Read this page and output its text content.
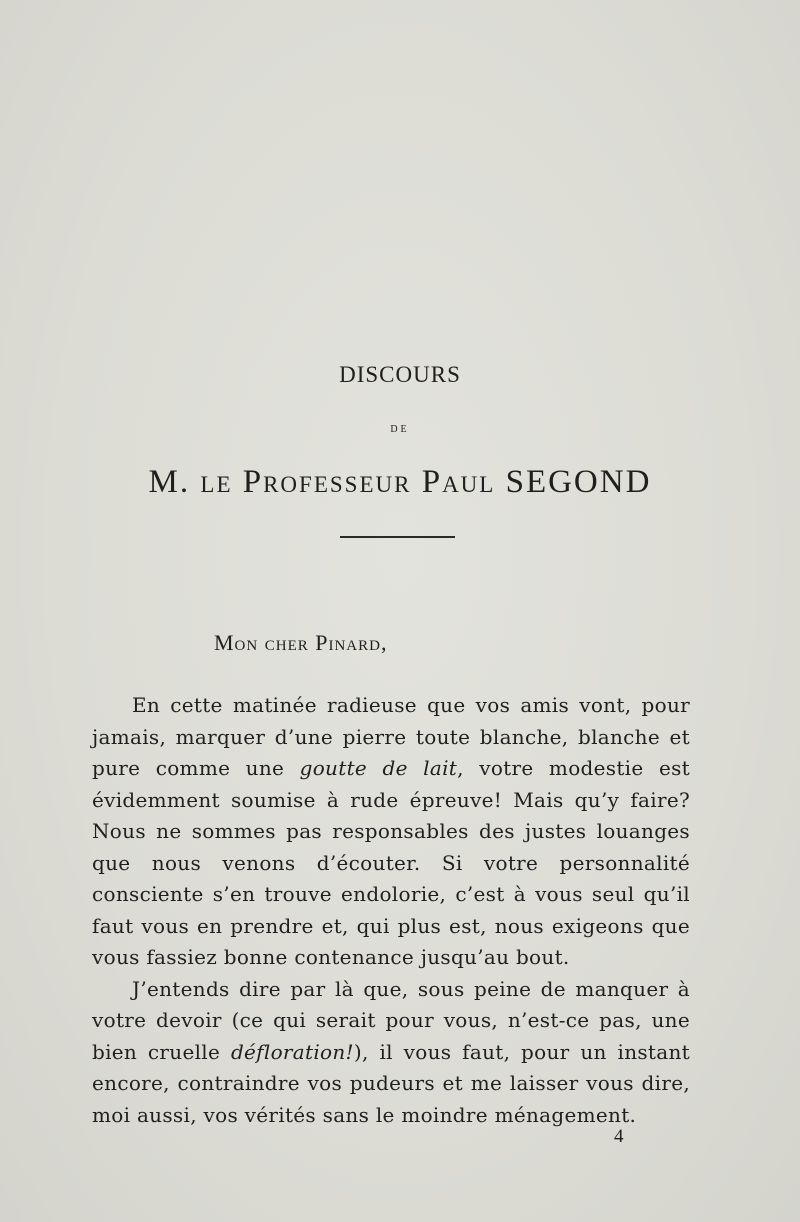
DISCOURS
DE
M. le Professeur Paul SEGOND
Mon cher Pinard,

En cette matinée radieuse que vos amis vont, pour jamais, marquer d’une pierre toute blanche, blanche et pure comme une goutte de lait, votre modestie est évidemment soumise à rude épreuve! Mais qu’y faire? Nous ne sommes pas responsables des justes louanges que nous venons d’écouter. Si votre personnalité consciente s’en trouve endolorie, c’est à vous seul qu’il faut vous en prendre et, qui plus est, nous exigeons que vous fassiez bonne contenance jusqu’au bout.

J’entends dire par là que, sous peine de manquer à votre devoir (ce qui serait pour vous, n’est-ce pas, une bien cruelle défloration!), il vous faut, pour un instant encore, contraindre vos pudeurs et me laisser vous dire, moi aussi, vos vérités sans le moindre ménagement.

4
